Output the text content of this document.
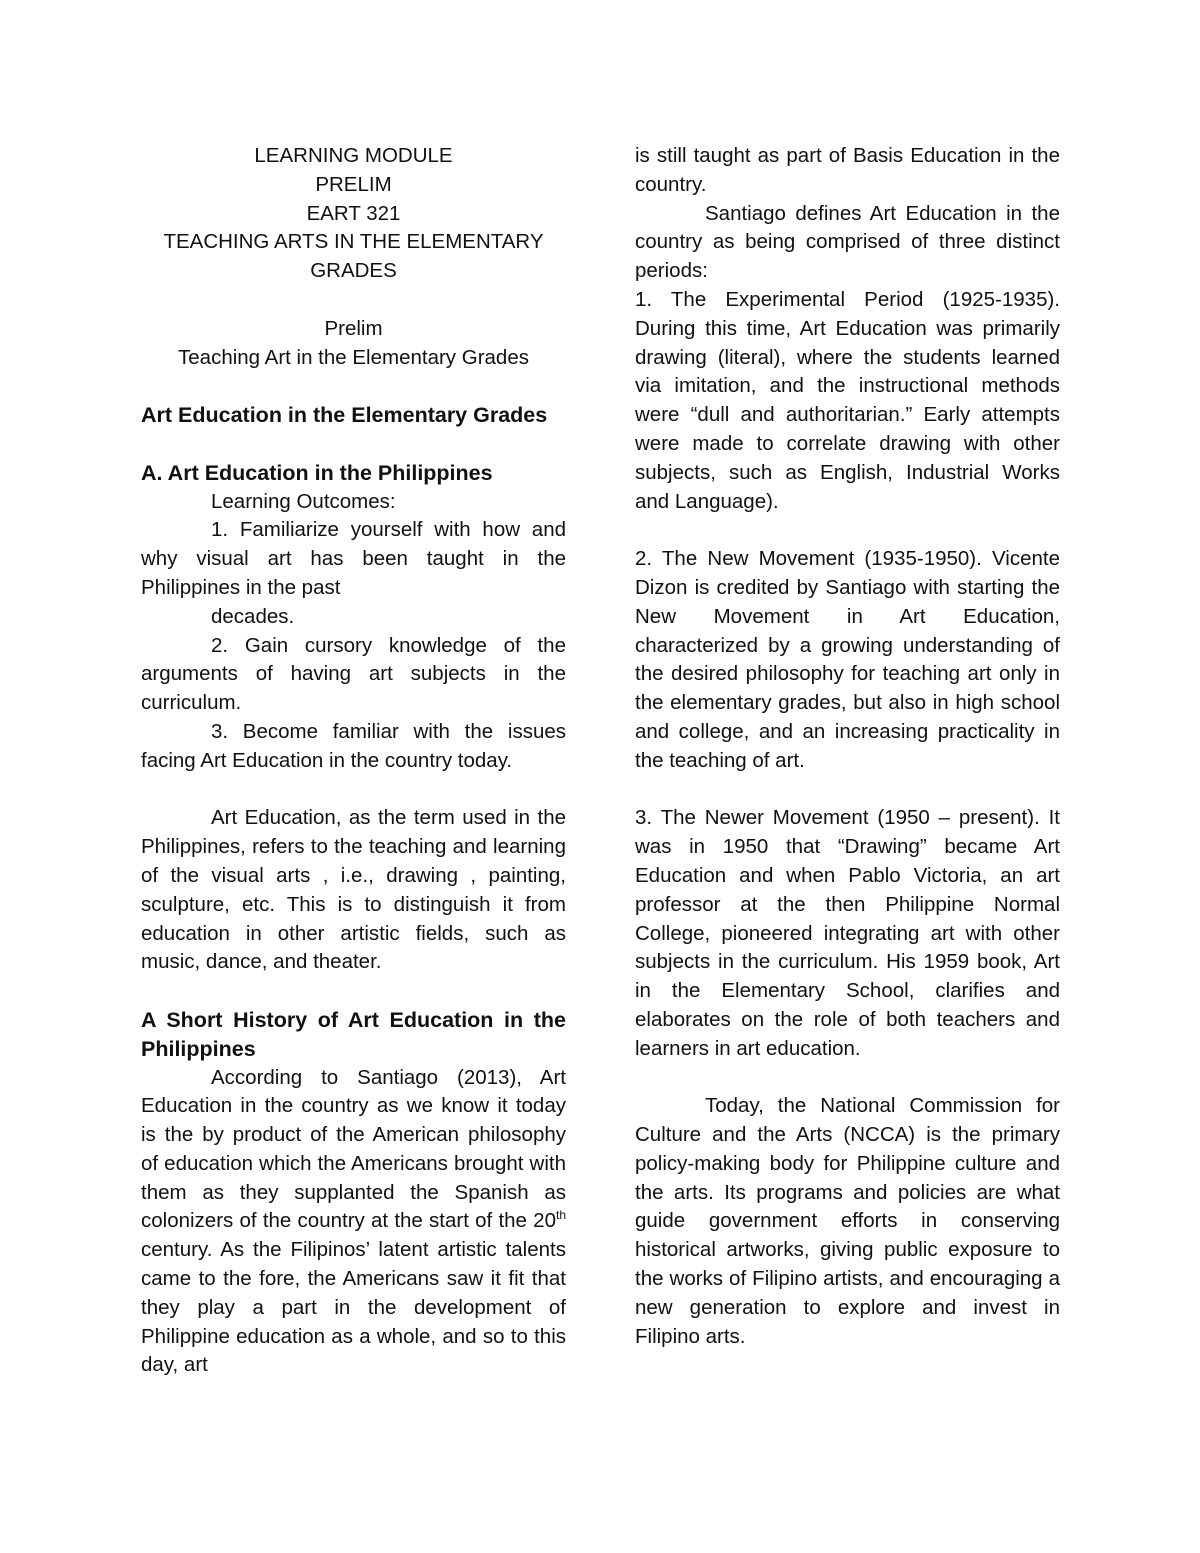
LEARNING MODULE

PRELIM

EART 321

TEACHING ARTS IN THE ELEMENTARY

GRADES

Prelim

Teaching Art in the Elementary Grades

Art Education in the Elementary Grades

A. Art Education in the Philippines

Learning Outcomes:

1. Familiarize yourself with how and

why visual art has been taught in the

Philippines in the past

decades.

2. Gain cursory knowledge of the arguments of having art subjects in the curriculum.

3. Become familiar with the issues facing Art Education in the country today.

Art Education, as the term used in the Philippines, refers to the teaching and learning of the visual arts , i.e., drawing , painting, sculpture, etc. This is to distinguish it from education in other artistic fields, such as music, dance, and theater.

A Short History of Art Education in the Philippines

According to Santiago (2013), Art Education in the country as we know it today is the by product of the American philosophy of education which the Americans brought with them as they supplanted the Spanish as colonizers of the country at the start of the 20th century. As the Filipinos’ latent artistic talents came to the fore, the Americans saw it fit that they play a part in the development of Philippine education as a whole, and so to this day, art

is still taught as part of Basis Education in the country.

Santiago defines Art Education in the country as being comprised of three distinct periods:

1. The Experimental Period (1925-1935). During this time, Art Education was primarily drawing (literal), where the students learned via imitation, and the instructional methods were “dull and authoritarian.” Early attempts were made to correlate drawing with other subjects, such as English, Industrial Works and Language).

2. The New Movement (1935-1950). Vicente Dizon is credited by Santiago with starting the New Movement in Art Education, characterized by a growing understanding of the desired philosophy for teaching art only in the elementary grades, but also in high school and college, and an increasing practicality in the teaching of art.

3. The Newer Movement (1950 – present). It was in 1950 that “Drawing” became Art Education and when Pablo Victoria, an art professor at the then Philippine Normal College, pioneered integrating art with other subjects in the curriculum. His 1959 book, Art in the Elementary School, clarifies and elaborates on the role of both teachers and learners in art education.

Today, the National Commission for Culture and the Arts (NCCA) is the primary policy-making body for Philippine culture and the arts. Its programs and policies are what guide government efforts in conserving historical artworks, giving public exposure to the works of Filipino artists, and encouraging a new generation to explore and invest in Filipino arts.
